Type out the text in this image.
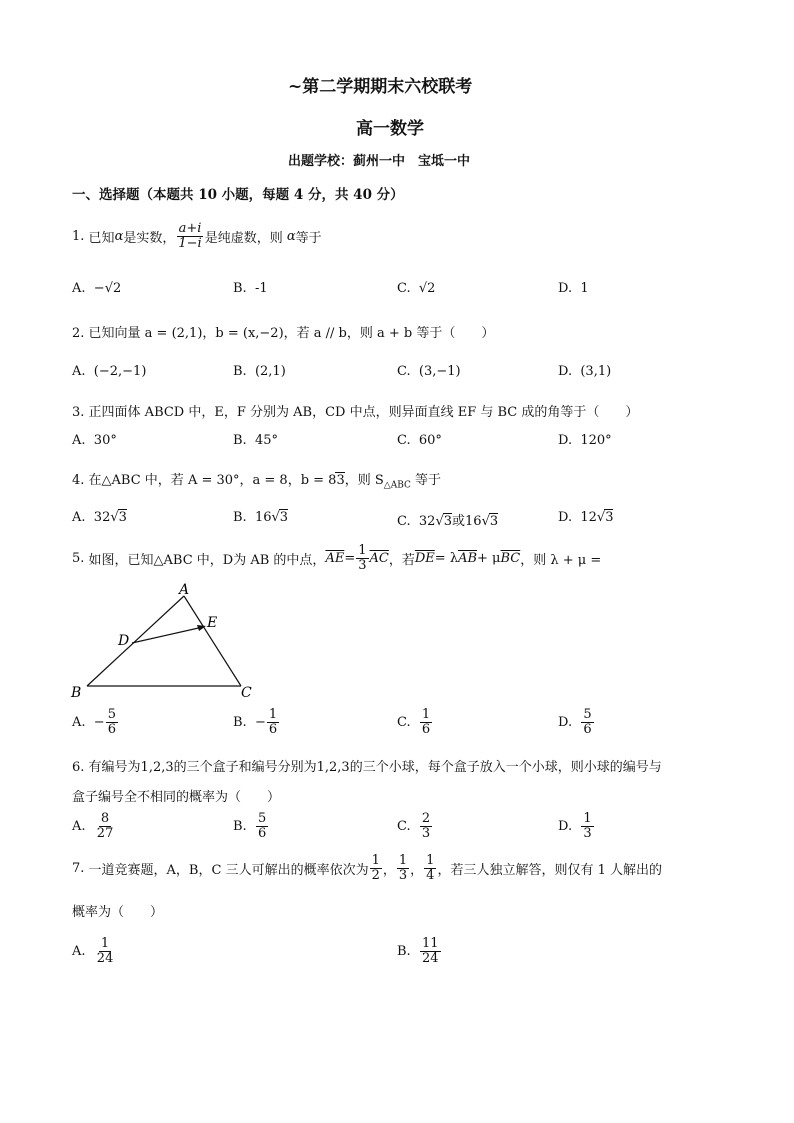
~第二学期期末六校联考
高一数学
出题学校：蓟州一中　宝坻一中
一、选择题（本题共 10 小题，每题 4 分，共 40 分）
1.
已知 α 是实数， $\frac{a+i}{1-i}$ 是纯虚数，则
α 等于
A. −√2	B. -1	C. √2	D. 1
2. 已知向量 a = (2,1)，b = (x,−2)，若 a // b，则 a + b 等于（　　）
A. (−2,−1)	B. (2,1)	C. (3,−1)	D. (3,1)
3. 正四面体 ABCD 中，E，F 分别为 AB，CD 中点，则异面直线 EF 与 BC 成的角等于（　　）
A. 30°	B. 45°	C. 60°	D. 120°
4. 在△ABC 中，若 A = 30°，a = 8，b = 83，则 $S_{\triangle ABC}$ 等于
A. 32√3	B. 16√3	C. 32√3或16√3	D. 12√3
5.
如图，已知△ABC 中，D为 AB 的中点， $\overline{AE} = \frac{1}{3} \overline{AC}$ ，若 $\overline{DE} = \lambda$ $\overline{AB} + \mu$ $\overline{BC}$ ，则 λ + μ =
A
E
D
B	C
A.
− $\frac{5}{6}$	B.
− $\frac{1}{6}$	C.
$\frac{1}{6}$	D.
$\frac{5}{6}$
6. 有编号为1,2,3的三个盒子和编号分别为1,2,3的三个小球，每个盒子放入一个小球，则小球的编号与
盒子编号全不相同的概率为（　　）
A.
$\frac{8}{27}$	B.
$\frac{5}{6}$	C.
$\frac{2}{3}$	D.
$\frac{1}{3}$
7.
一道竞赛题，A，B，C 三人可解出的概率依次为 $\frac{1}{2}$ ， $\frac{1}{3}$ ， $\frac{1}{4}$ ，若三人独立解答，则仅有 1 人解出的
概率为（　　）
A.
$\frac{1}{24}$	B.
$\frac{11}{24}$
